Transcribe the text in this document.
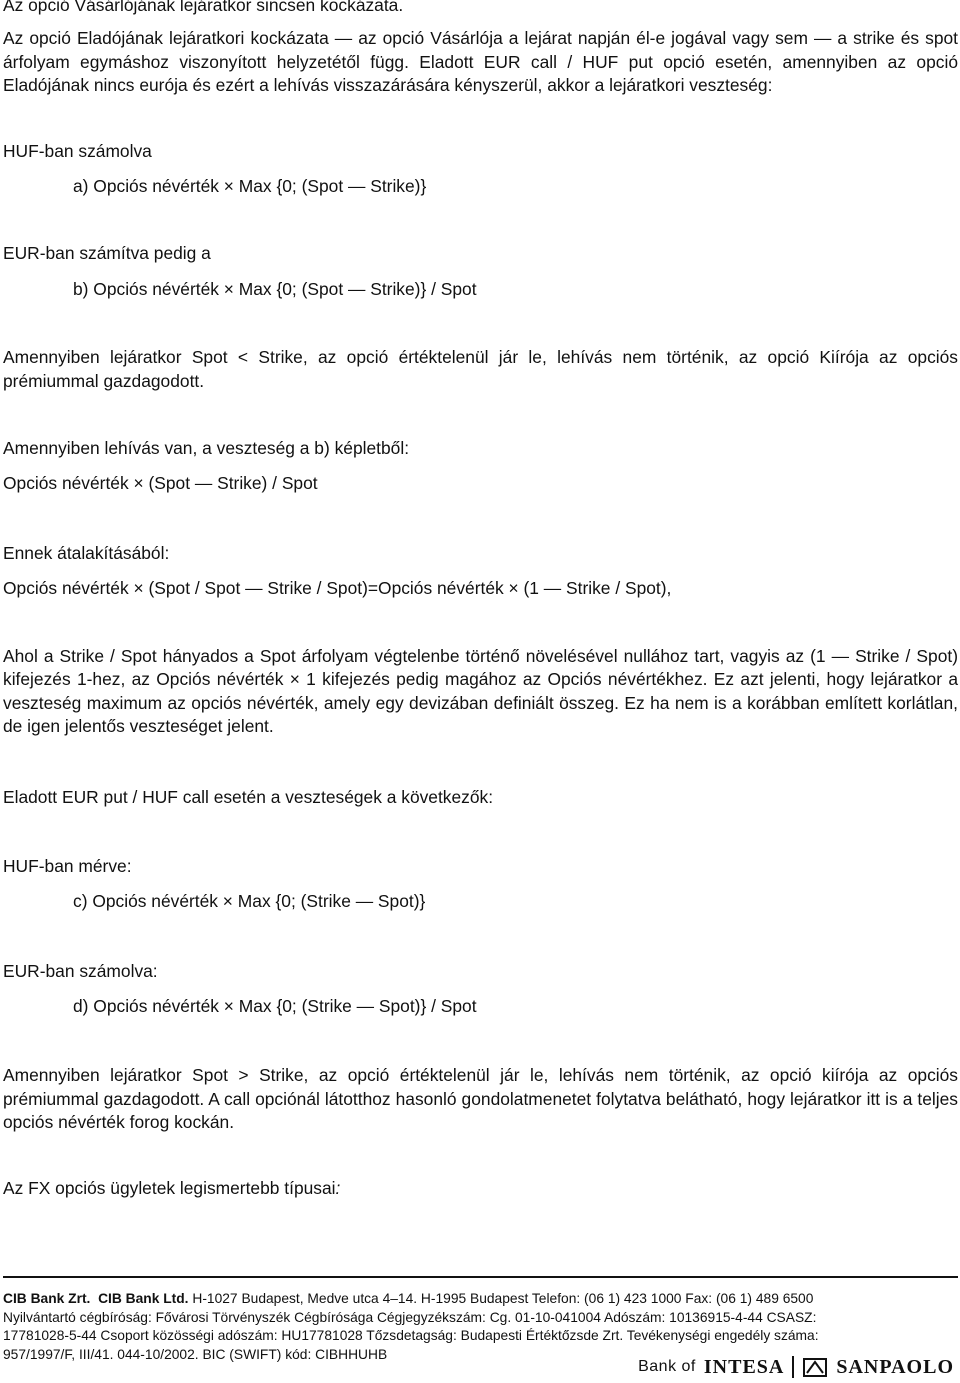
Az opció Vásárlójának lejáratkor sincsen kockázata.

Az opció Eladójának lejáratkori kockázata — az opció Vásárlója a lejárat napján él-e jogával vagy sem — a strike és spot árfolyam egymáshoz viszonyított helyzetétől függ. Eladott EUR call / HUF put opció esetén, amennyiben az opció Eladójának nincs eurója és ezért a lehívás visszazárására kényszerül, akkor a lejáratkori veszteség:

HUF-ban számolva

a) Opciós névérték × Max {0; (Spot — Strike)}

EUR-ban számítva pedig a

b) Opciós névérték × Max {0; (Spot — Strike)} / Spot

Amennyiben lejáratkor Spot < Strike, az opció értéktelenül jár le, lehívás nem történik, az opció Kiírója az opciós prémiummal gazdagodott.

Amennyiben lehívás van, a veszteség a b) képletből:

Opciós névérték × (Spot — Strike) / Spot

Ennek átalakításából:

Opciós névérték × (Spot / Spot — Strike / Spot)=Opciós névérték × (1 — Strike / Spot),

Ahol a Strike / Spot hányados a Spot árfolyam végtelenbe történő növelésével nullához tart, vagyis az (1 — Strike / Spot) kifejezés 1-hez, az Opciós névérték × 1 kifejezés pedig magához az Opciós névértékhez. Ez azt jelenti, hogy lejáratkor a veszteség maximum az opciós névérték, amely egy devizában definiált összeg. Ez ha nem is a korábban említett korlátlan, de igen jelentős veszteséget jelent.

Eladott EUR put / HUF call esetén a veszteségek a következők:

HUF-ban mérve:

c) Opciós névérték × Max {0; (Strike — Spot)}

EUR-ban számolva:

d) Opciós névérték × Max {0; (Strike — Spot)} / Spot

Amennyiben lejáratkor Spot > Strike, az opció értéktelenül jár le, lehívás nem történik, az opció kiírója az opciós prémiummal gazdagodott. A call opciónál látotthoz hasonló gondolatmenetet folytatva belátható, hogy lejáratkor itt is a teljes opciós névérték forog kockán.

Az FX opciós ügyletek legismertebb típusai:

CIB Bank Zrt. CIB Bank Ltd. H-1027 Budapest, Medve utca 4–14. H-1995 Budapest Telefon: (06 1) 423 1000 Fax: (06 1) 489 6500
Nyilvántartó cégbíróság: Fővárosi Törvényszék Cégbírósága Cégjegyzékszám: Cg. 01-10-041004 Adószám: 10136915-4-44 CSASZ:
17781028-5-44 Csoport közösségi adószám: HU17781028 Tőzsdetagság: Budapesti Értéktőzsde Zrt. Tevékenységi engedély száma:
957/1997/F, III/41. 044-10/2002. BIC (SWIFT) kód: CIBHHUHB
Bank of INTESA	SANPAOLO
